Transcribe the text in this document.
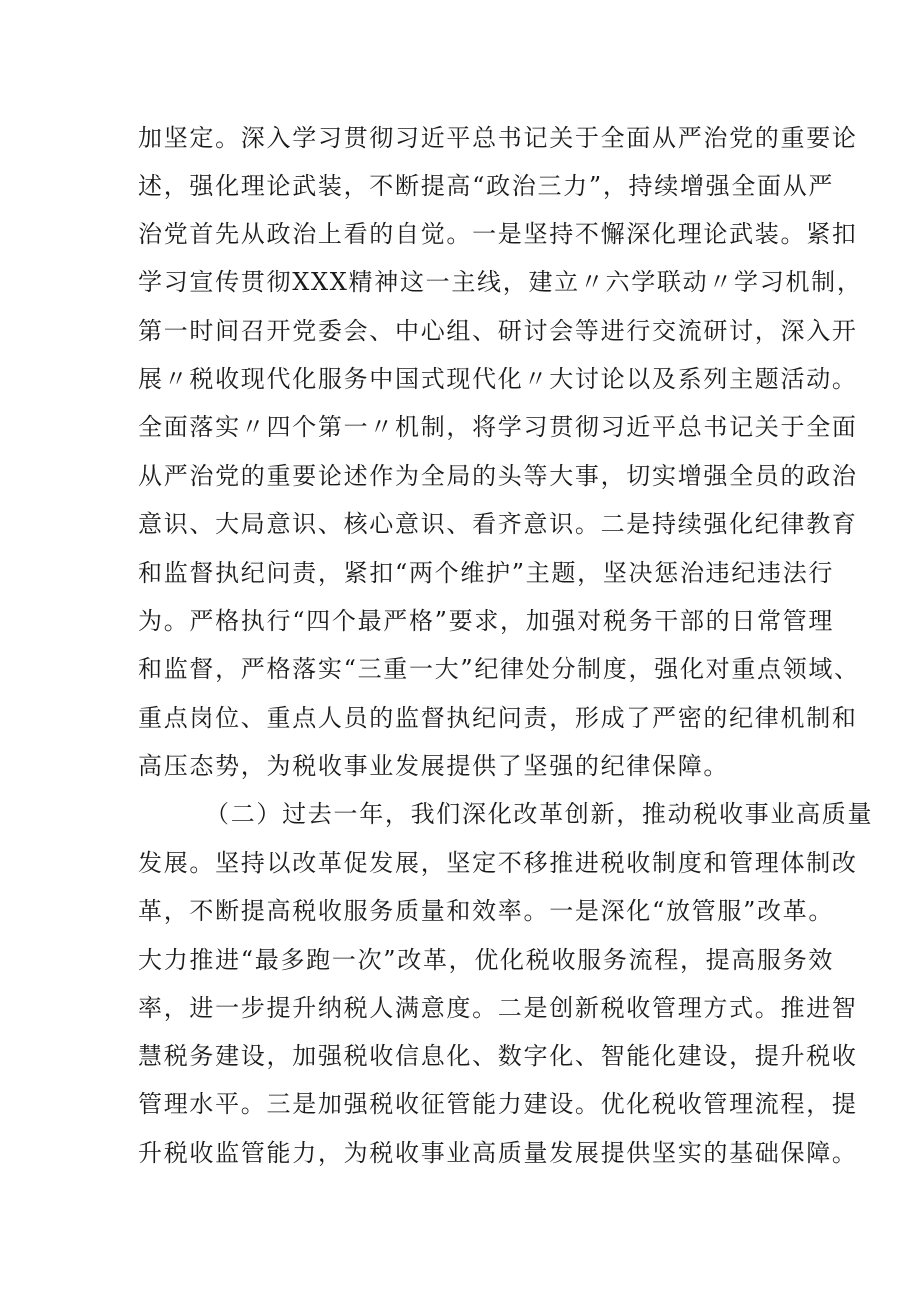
加坚定。深入学习贯彻习近平总书记关于全面从严治党的重要论
述，强化理论武装，不断提高“政治三力”，持续增强全面从严
治党首先从政治上看的自觉。一是坚持不懈深化理论武装。紧扣
学习宣传贯彻XXX精神这一主线，建立〃六学联动〃学习机制，
第一时间召开党委会、中心组、研讨会等进行交流研讨，深入开
展〃税收现代化服务中国式现代化〃大讨论以及系列主题活动。
全面落实〃四个第一〃机制，将学习贯彻习近平总书记关于全面
从严治党的重要论述作为全局的头等大事，切实增强全员的政治
意识、大局意识、核心意识、看齐意识。二是持续强化纪律教育
和监督执纪问责，紧扣“两个维护”主题，坚决惩治违纪违法行
为。严格执行“四个最严格”要求，加强对税务干部的日常管理
和监督，严格落实“三重一大”纪律处分制度，强化对重点领域、
重点岗位、重点人员的监督执纪问责，形成了严密的纪律机制和
高压态势，为税收事业发展提供了坚强的纪律保障。
（二）过去一年，我们深化改革创新，推动税收事业高质量
发展。坚持以改革促发展，坚定不移推进税收制度和管理体制改
革，不断提高税收服务质量和效率。一是深化“放管服”改革。
大力推进“最多跑一次”改革，优化税收服务流程，提高服务效
率，进一步提升纳税人满意度。二是创新税收管理方式。推进智
慧税务建设，加强税收信息化、数字化、智能化建设，提升税收
管理水平。三是加强税收征管能力建设。优化税收管理流程，提
升税收监管能力，为税收事业高质量发展提供坚实的基础保障。
